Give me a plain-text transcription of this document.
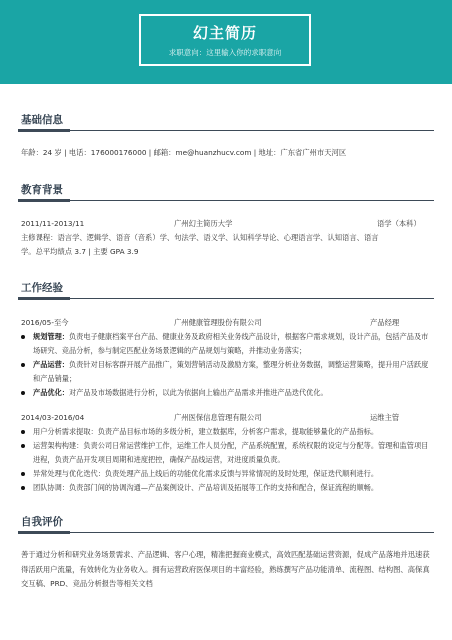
幻主简历
求职意向：这里输入你的求职意向
基础信息
年龄：24 岁 | 电话：176000176000 | 邮箱：me@huanzhucv.com | 地址：广东省广州市天河区
教育背景
2011/11-2013/11	广州幻主简历大学	语学（本科）
主修课程：语言学、逻辑学、语音（音系）学、句法学、语义学、认知科学导论、心理语言学、认知语言、语言
学。总平均绩点 3.7 | 主要 GPA 3.9
工作经验
2016/05-至今	广州健康管理股份有限公司	产品经理
规划管理：负责电子健康档案平台产品、健康业务及政府相关业务线产品设计，根据客户需求规划，设计产品，包括产品及市场研究、竞品分析，参与制定匹配业务场景逻辑的产品规划与策略，并推动业务落实；
产品运营：负责针对目标客群开展产品推广，策划营销活动及激励方案，整理分析业务数据，调整运营策略，提升用户活跃度和产品销量；
产品优化：对产品及市场数据进行分析，以此为依据向上输出产品需求并推进产品迭代优化。
2014/03-2016/04	广州医保信息管理有限公司	运维主管
用户分析需求提取：负责产品目标市场的多级分析，建立数据库，分析客户需求，提取能够量化的产品指标。
运营架构构建：负责公司日常运营维护工作，运维工作人员分配，产品系统配置，系统权限的设定与分配等。管理和监管项目进程，负责产品开发项目周期和进度把控，确保产品线运营，对进度质量负责。
异常处理与优化迭代：负责处理产品上线后的功能优化需求反馈与异常情况的及时处理，保证迭代顺利进行。
团队协调：负责部门间的协调沟通—产品案例设计、产品培训及拓展等工作的支持和配合，保证流程的顺畅。
自我评价
善于通过分析和研究业务场景需求、产品逻辑、客户心理，精准把握商业模式，高效匹配基础运营资源，促成产品落地并迅速获得活跃用户流量，有效转化为业务收入。拥有运营政府医保项目的丰富经验，熟练撰写产品功能清单、流程图、结构图、高保真交互稿、PRD、竞品分析报告等相关文档
